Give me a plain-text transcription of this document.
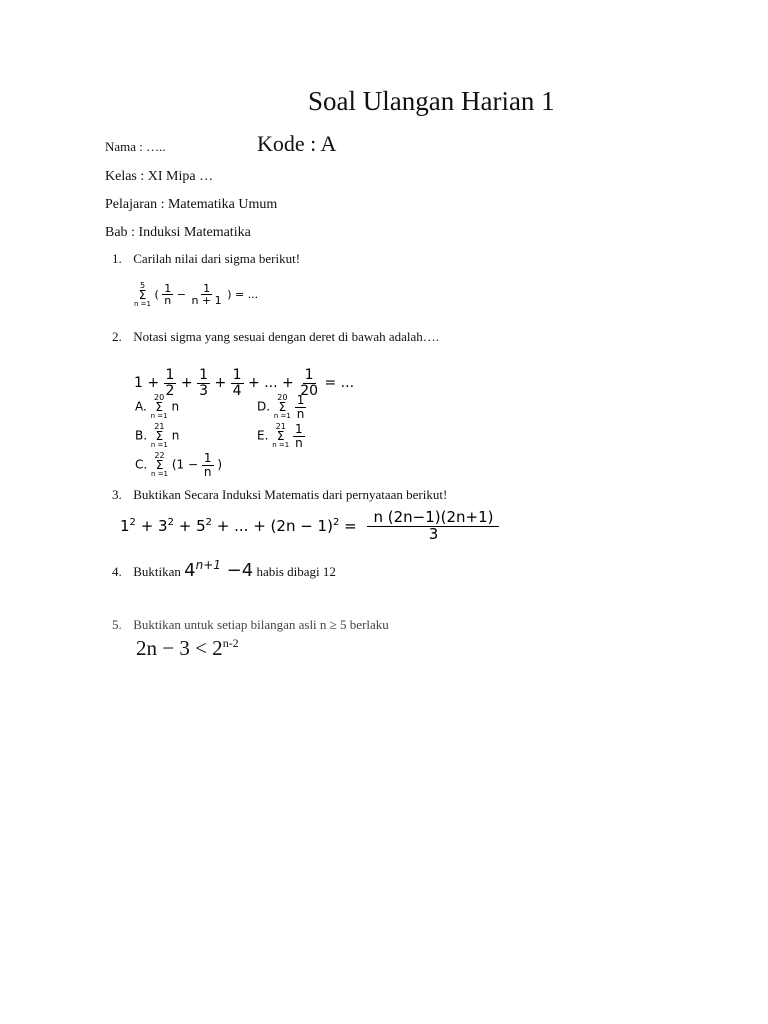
Soal Ulangan Harian 1
Kode : A
Nama : …..
Kelas : XI Mipa …
Pelajaran : Matematika Umum
Bab : Induksi Matematika
1. Carilah nilai dari sigma berikut!
5
Σ
n =1
( $\frac{1}{n} - \frac{1}{n + 1}$ ) = ...
2. Notasi sigma yang sesuai dengan deret di bawah adalah….
$1 + \frac{1}{2} + \frac{1}{3} + \frac{1}{4}$ + ... + $\frac{1}{20}$ = ...
A.
20
Σ
n =1
n
B.
21
Σ
n =1
n
C.
22
Σ
n =1
($1 - \frac{1}{n}$ )
D.
20
Σ
n =1
$\frac{1}{n}$
E.
21
Σ
n =1
$\frac{1}{n}$
3. Buktikan Secara Induksi Matematis dari pernyataan berikut!
$1^2 + 3^2 + 5^2$ + ... + $(2n - 1)^2 = \frac{n (2n-1)(2n+1)}{3}$
4. Buktikan $4^{n+1} -4$ habis dibagi 12
5. Buktikan untuk setiap bilangan asli n ≥ 5 berlaku
$2n - 3 < 2^{n-2}$
